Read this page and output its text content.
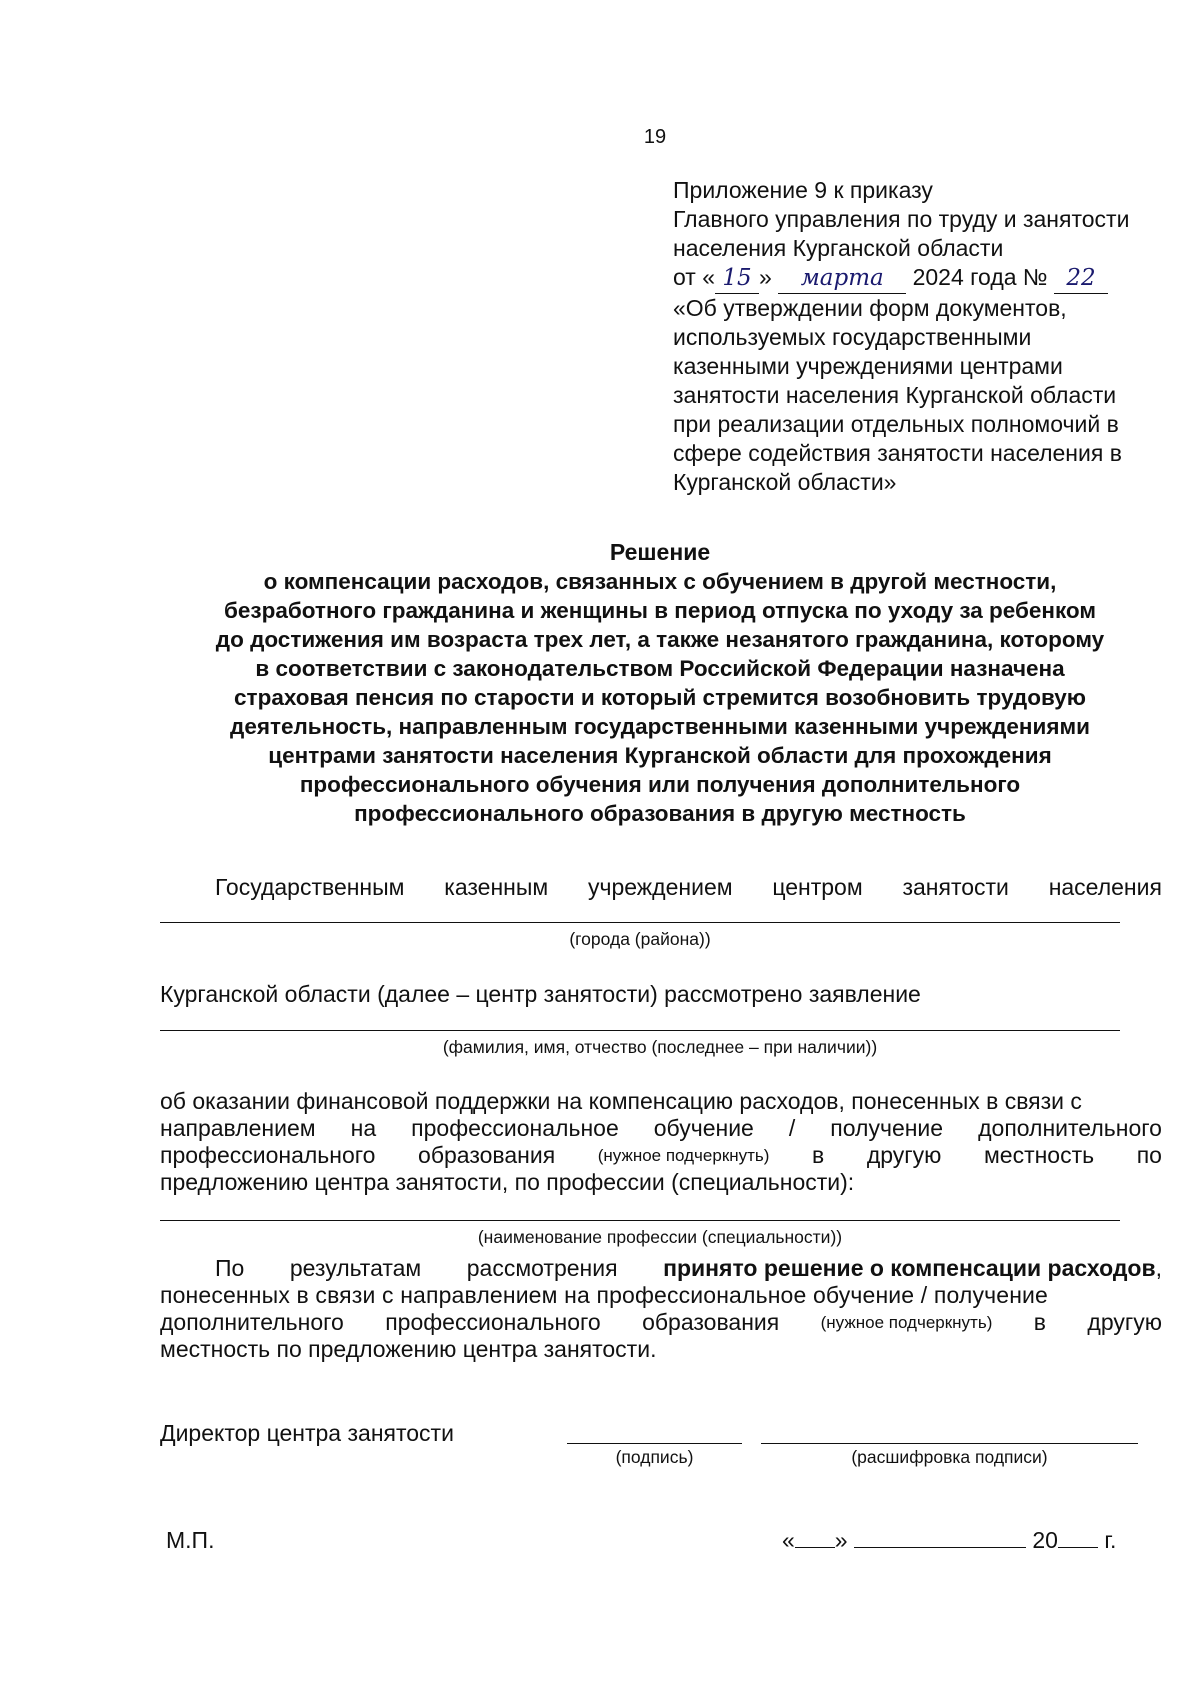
19
Приложение 9 к приказу
Главного управления по труду и занятости
населения Курганской области
от « 15 » марта 2024 года № 22
«Об утверждении форм документов,
используемых государственными
казенными учреждениями центрами
занятости населения Курганской области
при реализации отдельных полномочий в
сфере содействия занятости населения в
Курганской области»
Решение
о компенсации расходов, связанных с обучением в другой местности,
безработного гражданина и женщины в период отпуска по уходу за ребенком
до достижения им возраста трех лет, а также незанятого гражданина, которому
в соответствии с законодательством Российской Федерации назначена
страховая пенсия по старости и который стремится возобновить трудовую
деятельность, направленным государственными казенными учреждениями
центрами занятости населения Курганской области для прохождения
профессионального обучения или получения дополнительного
профессионального образования в другую местность
Государственным казенным учреждением центром занятости населения
(города (района))
Курганской области (далее – центр занятости) рассмотрено заявление
(фамилия, имя, отчество (последнее – при наличии))
об оказании финансовой поддержки на компенсацию расходов, понесенных в связи с
направлением на профессиональное обучение / получение дополнительного
профессионального образования	(нужное подчеркнуть) в другую местность по
предложению центра занятости, по профессии (специальности):
(наименование профессии (специальности))
По результатам рассмотрения принято решение о компенсации расходов,
понесенных в связи с направлением на профессиональное обучение / получение
дополнительного профессионального образования (нужное подчеркнуть) в другую
местность по предложению центра занятости.
Директор центра занятости
(подпись)	(расшифровка подписи)
М.П.	« »	20 г.
